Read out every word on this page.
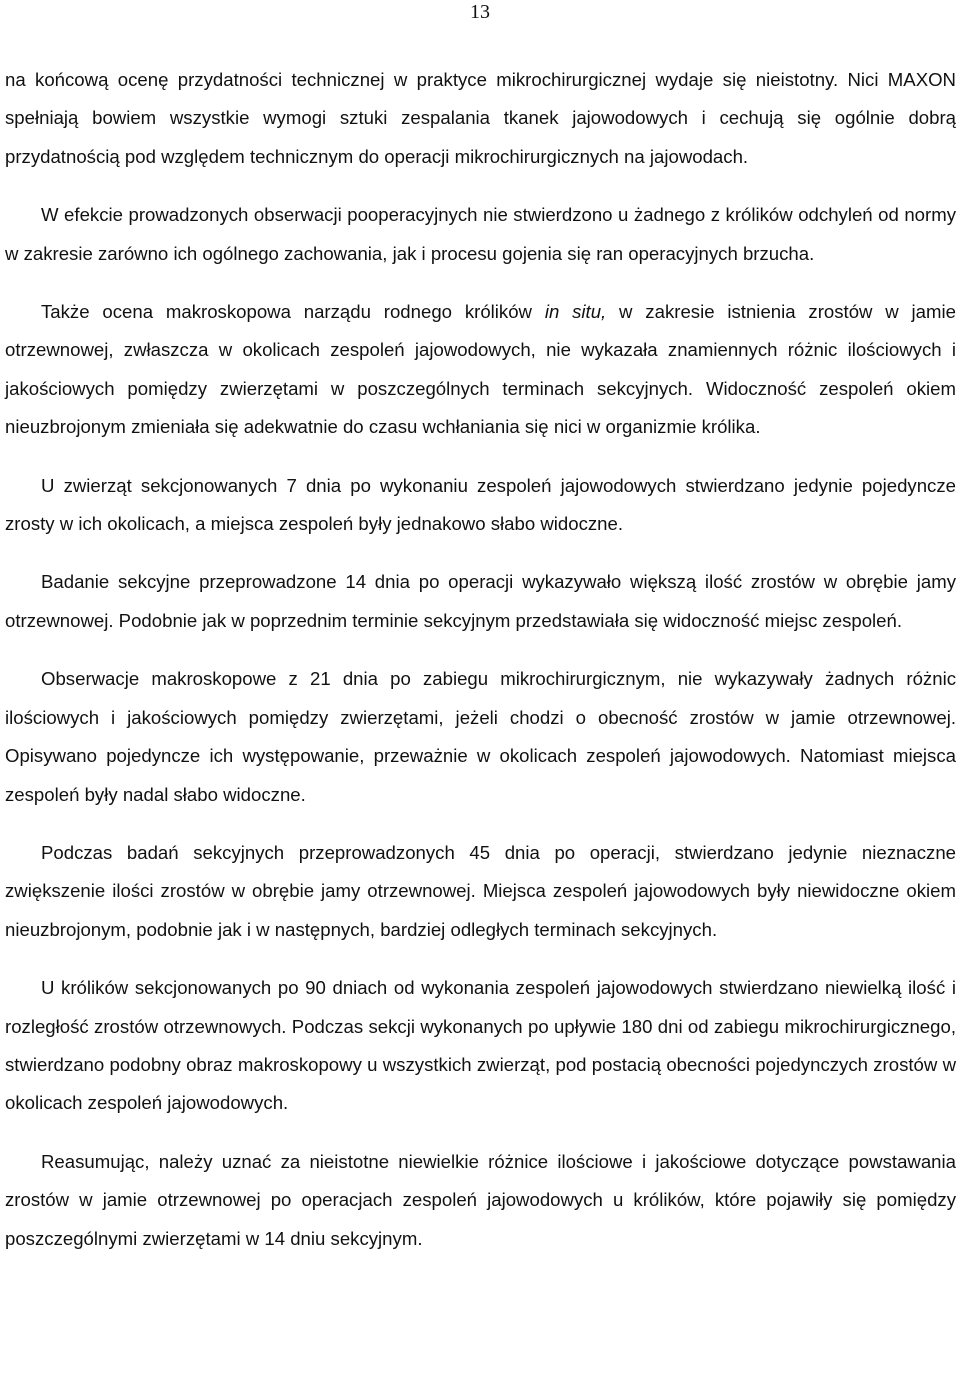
13

na końcową ocenę przydatności technicznej w praktyce mikrochirurgicznej wydaje się nieistotny. Nici MAXON spełniają bowiem wszystkie wymogi sztuki zespalania tkanek jajowodowych i cechują się ogólnie dobrą przydatnością pod względem technicznym do operacji mikrochirurgicznych na jajowodach.

W efekcie prowadzonych obserwacji pooperacyjnych nie stwierdzono u żadnego z królików odchyleń od normy w zakresie zarówno ich ogólnego zachowania, jak i procesu gojenia się ran operacyjnych brzucha.

Także ocena makroskopowa narządu rodnego królików in situ, w zakresie istnienia zrostów w jamie otrzewnowej, zwłaszcza w okolicach zespoleń jajowodowych, nie wykazała znamiennych różnic ilościowych i jakościowych pomiędzy zwierzętami w poszczególnych terminach sekcyjnych. Widoczność zespoleń okiem nieuzbrojonym zmieniała się adekwatnie do czasu wchłaniania się nici w organizmie królika.

U zwierząt sekcjonowanych 7 dnia po wykonaniu zespoleń jajowodowych stwierdzano jedynie pojedyncze zrosty w ich okolicach, a miejsca zespoleń były jednakowo słabo widoczne.

Badanie sekcyjne przeprowadzone 14 dnia po operacji wykazywało większą ilość zrostów w obrębie jamy otrzewnowej. Podobnie jak w poprzednim terminie sekcyjnym przedstawiała się widoczność miejsc zespoleń.

Obserwacje makroskopowe z 21 dnia po zabiegu mikrochirurgicznym, nie wykazywały żadnych różnic ilościowych i jakościowych pomiędzy zwierzętami, jeżeli chodzi o obecność zrostów w jamie otrzewnowej. Opisywano pojedyncze ich występowanie, przeważnie w okolicach zespoleń jajowodowych. Natomiast miejsca zespoleń były nadal słabo widoczne.

Podczas badań sekcyjnych przeprowadzonych 45 dnia po operacji, stwierdzano jedynie nieznaczne zwiększenie ilości zrostów w obrębie jamy otrzewnowej. Miejsca zespoleń jajowodowych były niewidoczne okiem nieuzbrojonym, podobnie jak i w następnych, bardziej odległych terminach sekcyjnych.

U królików sekcjonowanych po 90 dniach od wykonania zespoleń jajowodowych stwierdzano niewielką ilość i rozległość zrostów otrzewnowych. Podczas sekcji wykonanych po upływie 180 dni od zabiegu mikrochirurgicznego, stwierdzano podobny obraz makroskopowy u wszystkich zwierząt, pod postacią obecności pojedynczych zrostów w okolicach zespoleń jajowodowych.

Reasumując, należy uznać za nieistotne niewielkie różnice ilościowe i jakościowe dotyczące powstawania zrostów w jamie otrzewnowej po operacjach zespoleń jajowodowych u królików, które pojawiły się pomiędzy poszczególnymi zwierzętami w 14 dniu sekcyjnym.
